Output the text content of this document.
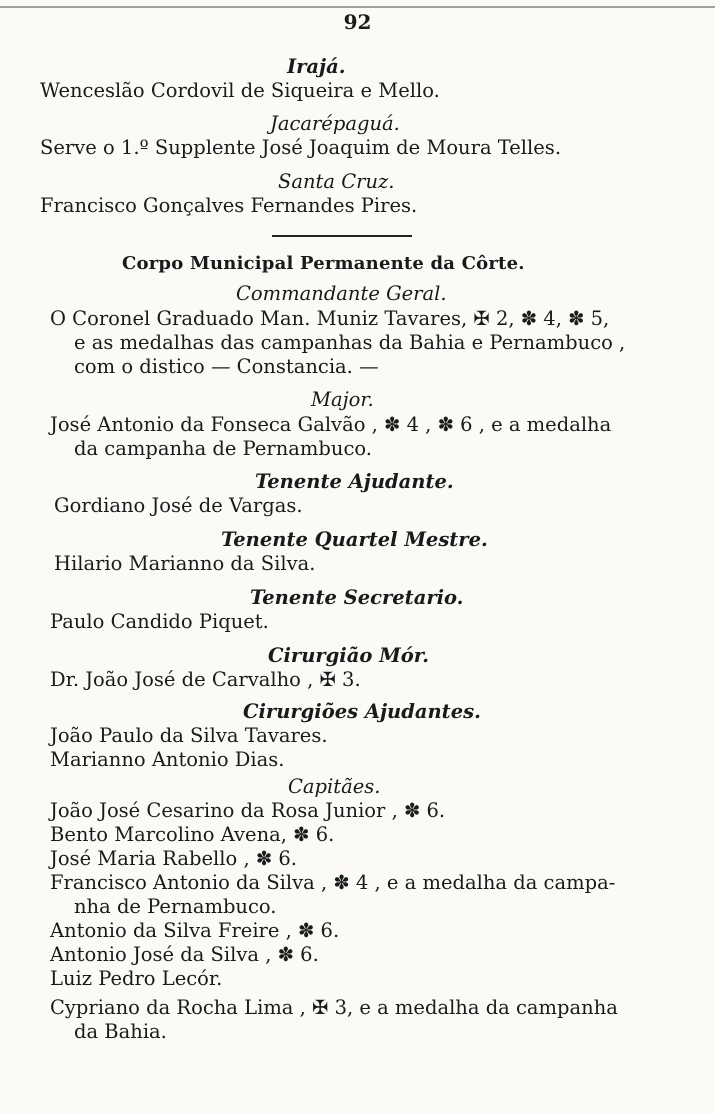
92
Irajá.
Wenceslão Cordovil de Siqueira e Mello.
Jacarépaguá.
Serve o 1.º Supplente José Joaquim de Moura Telles.
Santa Cruz.
Francisco Gonçalves Fernandes Pires.
Corpo Municipal Permanente da Côrte.
Commandante Geral.
O Coronel Graduado Man. Muniz Tavares, ✠ 2, ✽ 4, ✽ 5,
e as medalhas das campanhas da Bahia e Pernambuco ,
com o distico — Constancia. —
Major.
José Antonio da Fonseca Galvão , ✽ 4 , ✽ 6 , e a medalha
da campanha de Pernambuco.
Tenente Ajudante.
Gordiano José de Vargas.
Tenente Quartel Mestre.
Hilario Marianno da Silva.
Tenente Secretario.
Paulo Candido Piquet.
Cirurgião Mór.
Dr. João José de Carvalho , ✠ 3.
Cirurgiões Ajudantes.
João Paulo da Silva Tavares.
Marianno Antonio Dias.
Capitães.
João José Cesarino da Rosa Junior , ✽ 6.
Bento Marcolino Avena, ✽ 6.
José Maria Rabello , ✽ 6.
Francisco Antonio da Silva , ✽ 4 , e a medalha da campa-
nha de Pernambuco.
Antonio da Silva Freire , ✽ 6.
Antonio José da Silva , ✽ 6.
Luiz Pedro Lecór.
Cypriano da Rocha Lima , ✠ 3, e a medalha da campanha
da Bahia.
